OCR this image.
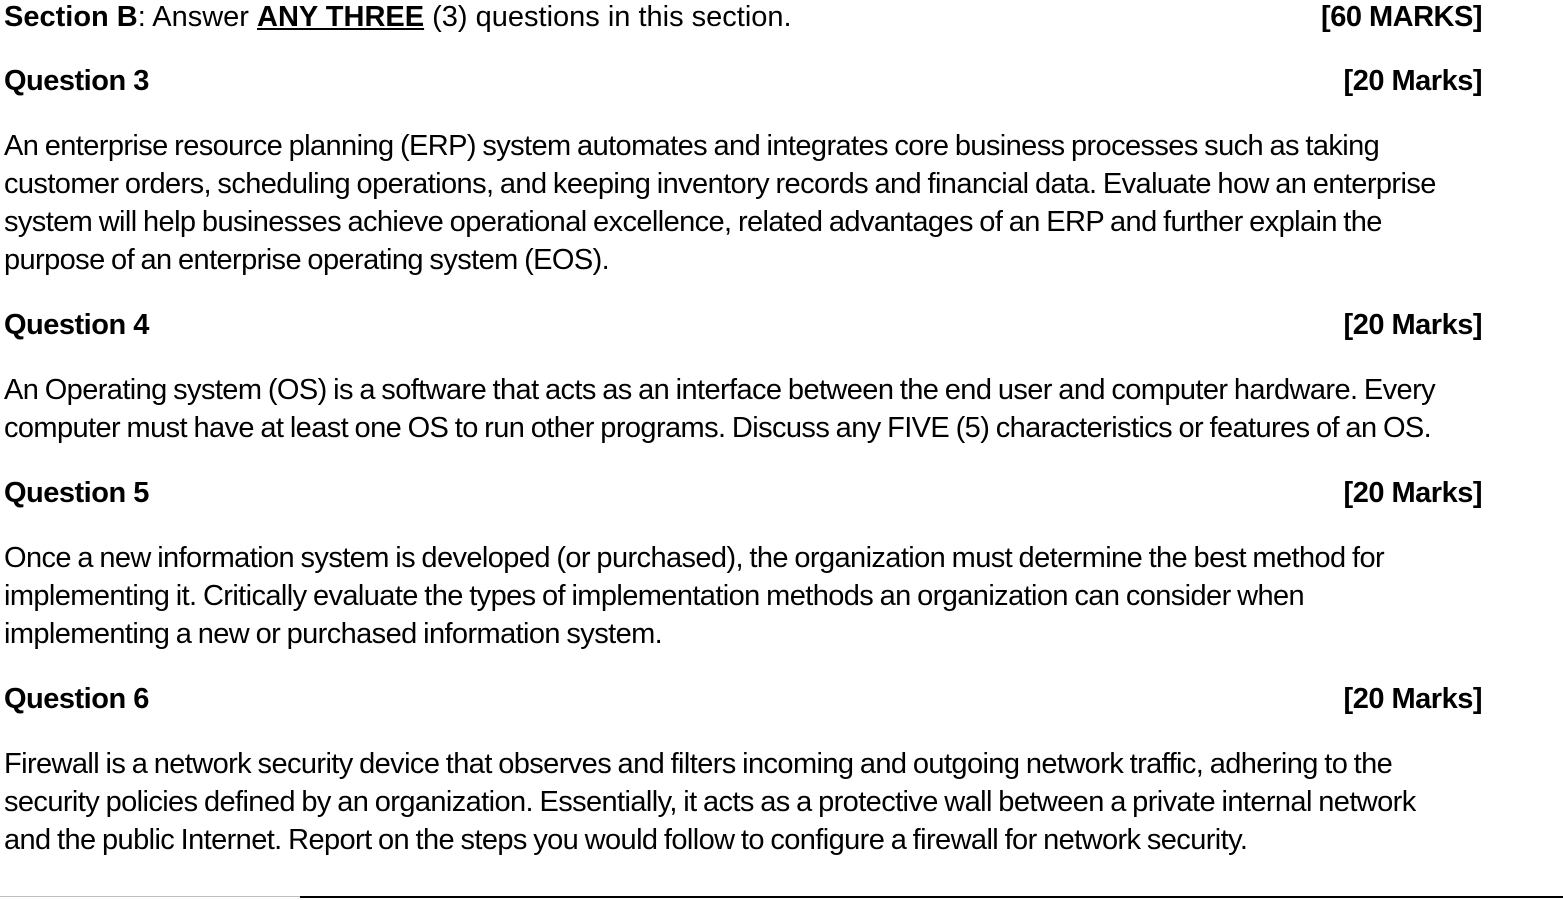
Section B: Answer ANY THREE (3) questions in this section.	[60 MARKS]
Question 3	[20 Marks]
An enterprise resource planning (ERP) system automates and integrates core business processes such as taking
customer orders, scheduling operations, and keeping inventory records and financial data. Evaluate how an enterprise
system will help businesses achieve operational excellence, related advantages of an ERP and further explain the
purpose of an enterprise operating system (EOS).
Question 4	[20 Marks]
An Operating system (OS) is a software that acts as an interface between the end user and computer hardware. Every
computer must have at least one OS to run other programs. Discuss any FIVE (5) characteristics or features of an OS.
Question 5	[20 Marks]
Once a new information system is developed (or purchased), the organization must determine the best method for
implementing it. Critically evaluate the types of implementation methods an organization can consider when
implementing a new or purchased information system.
Question 6	[20 Marks]
Firewall is a network security device that observes and filters incoming and outgoing network traffic, adhering to the
security policies defined by an organization. Essentially, it acts as a protective wall between a private internal network
and the public Internet. Report on the steps you would follow to configure a firewall for network security.
